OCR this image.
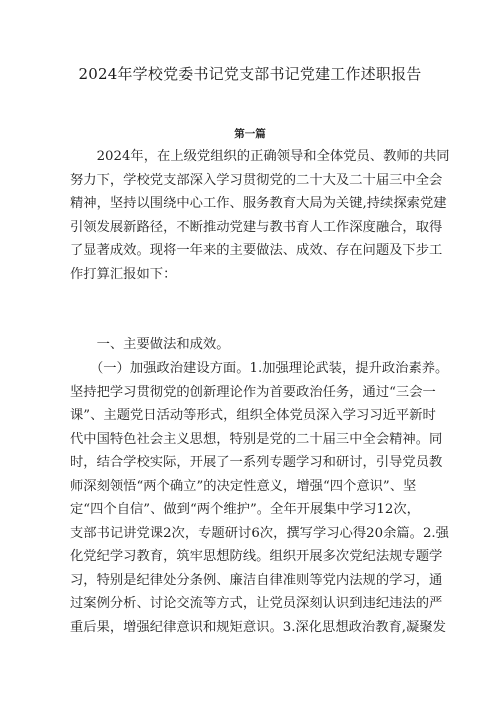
2024年学校党委书记党支部书记党建工作述职报告
第一篇
　　2024年，在上级党组织的正确领导和全体党员、教师的共同
努力下，学校党支部深入学习贯彻党的二十大及二十届三中全会
精神，坚持以围绕中心工作、服务教育大局为关键,持续探索党建
引领发展新路径，不断推动党建与教书育人工作深度融合，取得
了显著成效。现将一年来的主要做法、成效、存在问题及下步工
作打算汇报如下：
　　一、主要做法和成效。
　　（一）加强政治建设方面。1.加强理论武装，提升政治素养。
坚持把学习贯彻党的创新理论作为首要政治任务，通过“三会一
课”、主题党日活动等形式，组织全体党员深入学习习近平新时
代中国特色社会主义思想，特别是党的二十届三中全会精神。同
时，结合学校实际，开展了一系列专题学习和研讨，引导党员教
师深刻领悟“两个确立”的决定性意义，增强“四个意识”、坚
定“四个自信”、做到“两个维护”。全年开展集中学习12次，
支部书记讲党课2次，专题研讨6次，撰写学习心得20余篇。2.强
化党纪学习教育，筑牢思想防线。组织开展多次党纪法规专题学
习，特别是纪律处分条例、廉洁自律准则等党内法规的学习，通
过案例分析、讨论交流等方式，让党员深刻认识到违纪违法的严
重后果，增强纪律意识和规矩意识。3.深化思想政治教育,凝聚发
